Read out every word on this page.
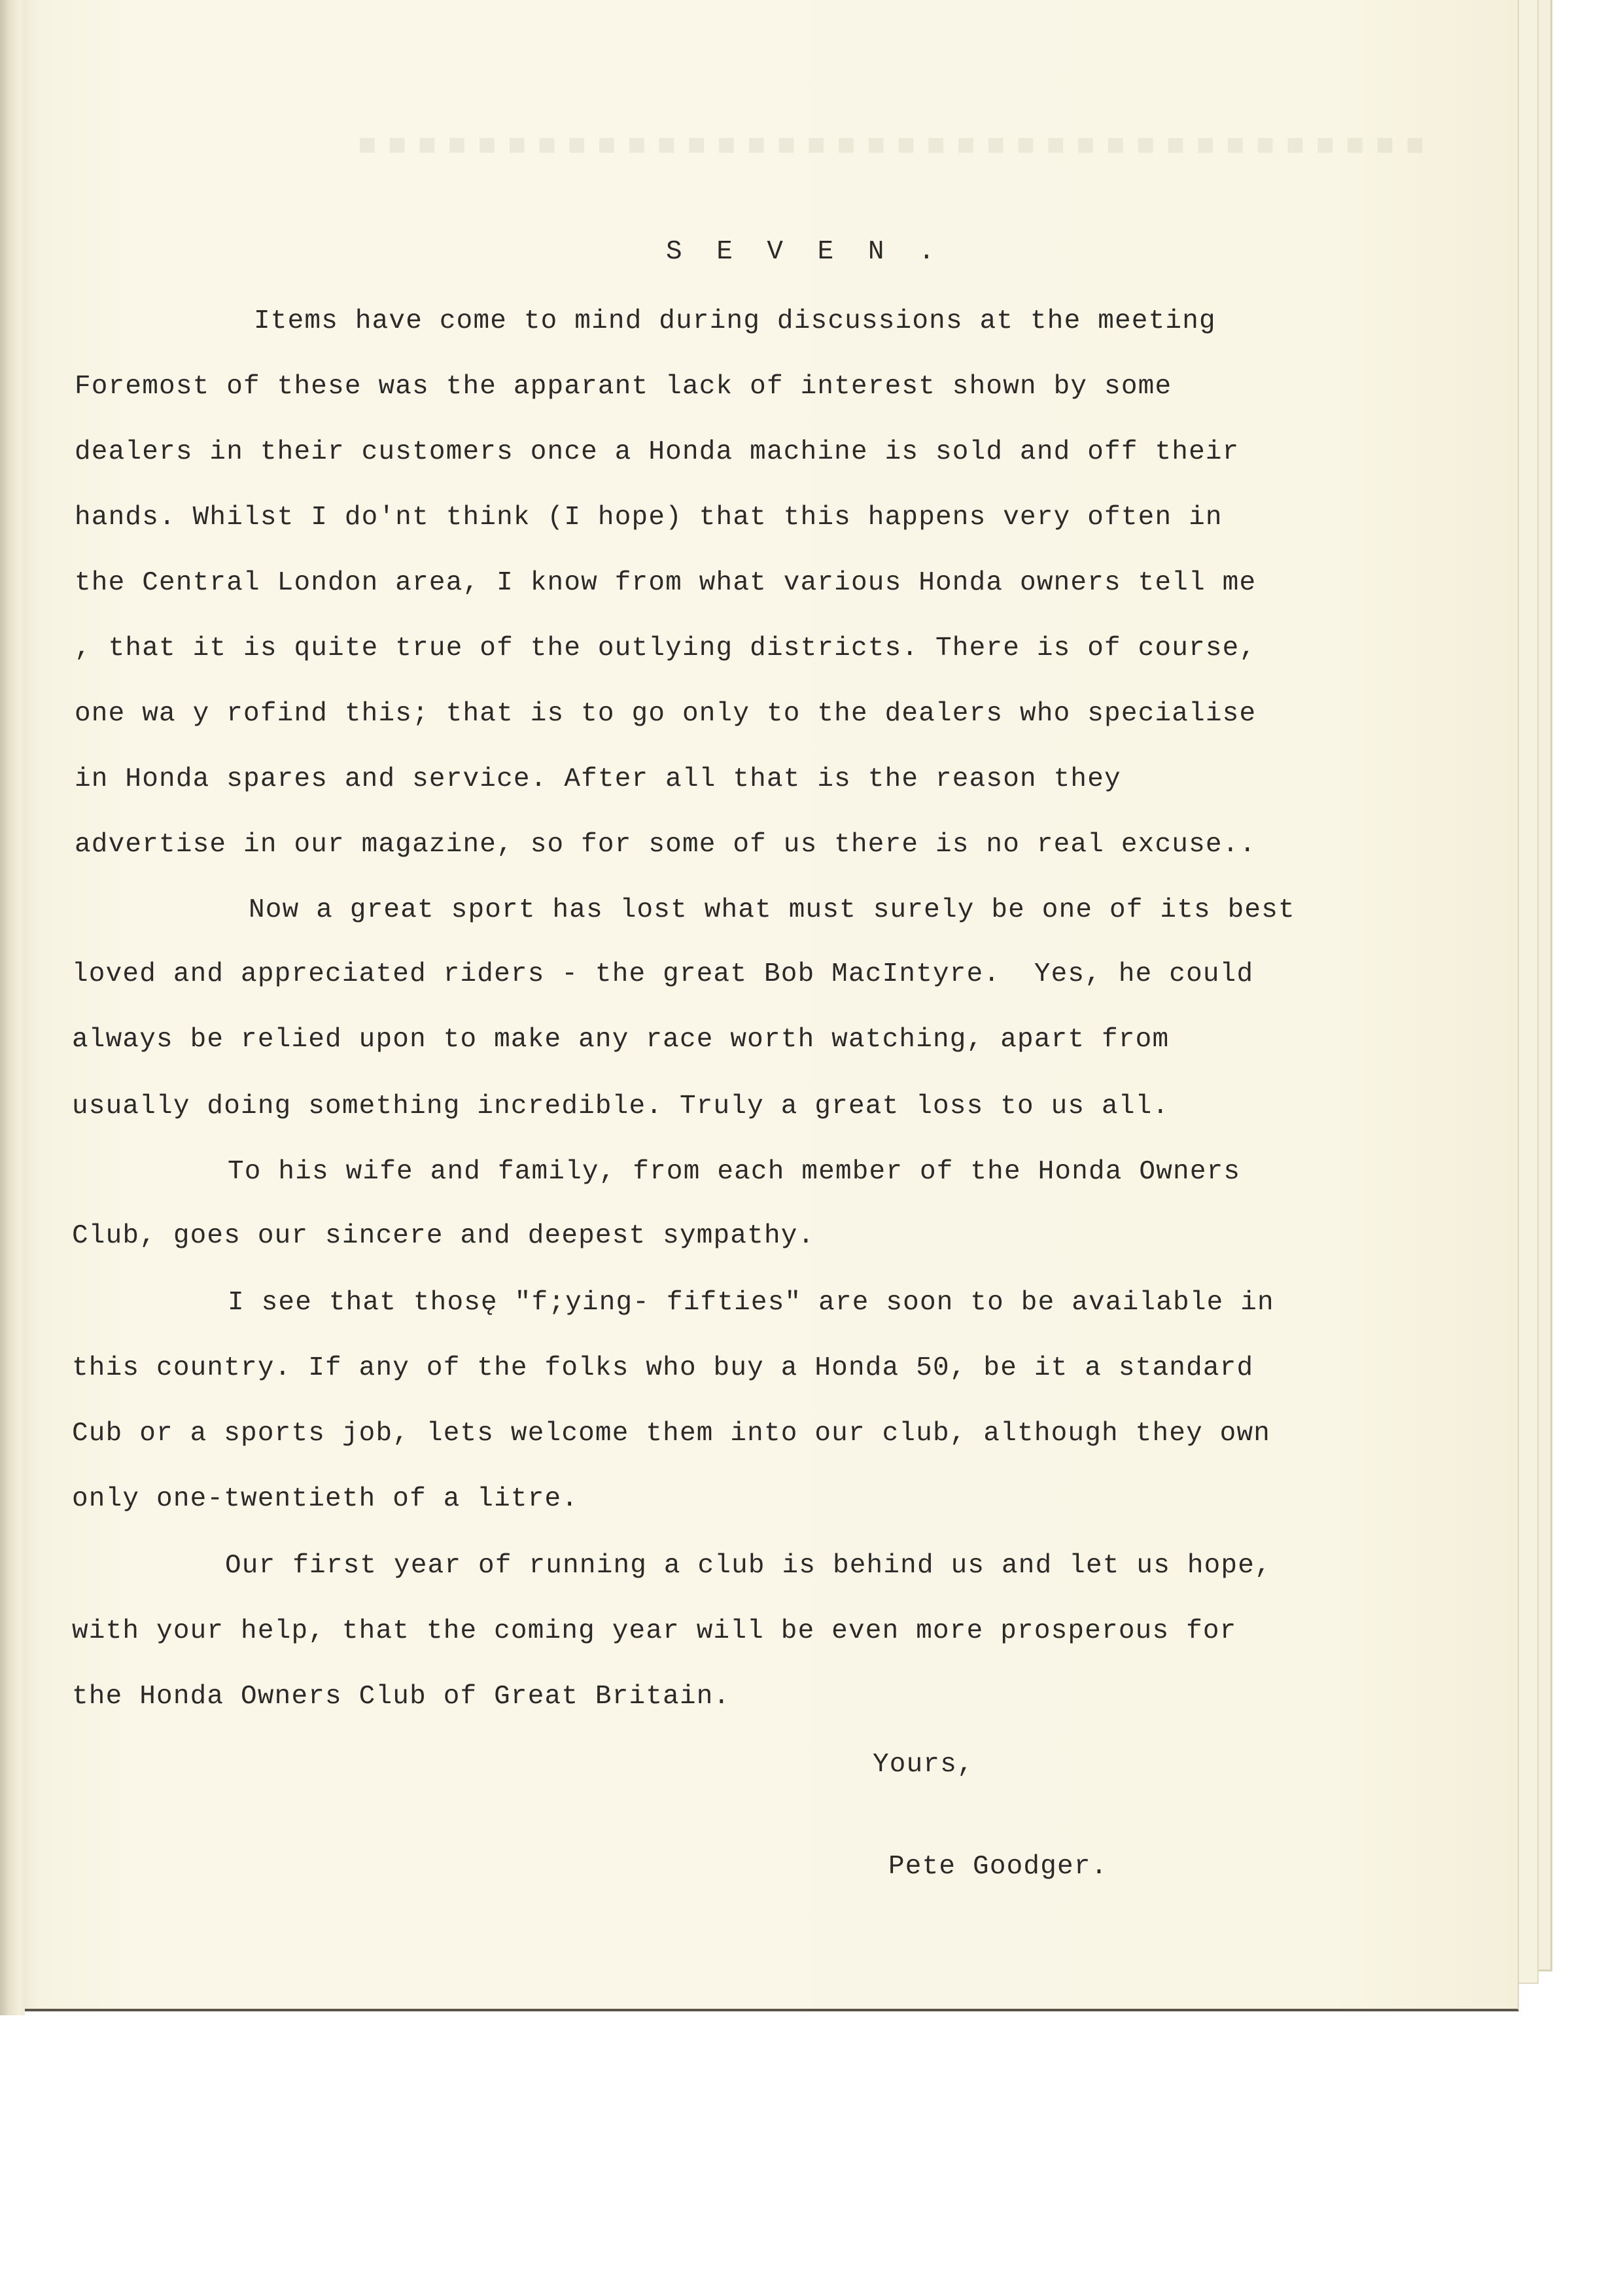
■ ■ ■ ■ ■ ■ ■ ■ ■ ■ ■ ■ ■ ■ ■ ■ ■ ■ ■ ■ ■ ■ ■ ■ ■ ■ ■ ■ ■ ■ ■ ■ ■ ■ ■ ■
S E V E N .
Items have come to mind during discussions at the meeting
Foremost of these was the apparant lack of interest shown by some
dealers in their customers once a Honda machine is sold and off their
hands. Whilst I do'nt think (I hope) that this happens very often in
the Central London area, I know from what various Honda owners tell me
, that it is quite true of the outlying districts. There is of course,
one wa y rofind this; that is to go only to the dealers who specialise
in Honda spares and service. After all that is the reason they
advertise in our magazine, so for some of us there is no real excuse..
Now a great sport has lost what must surely be one of its best
loved and appreciated riders - the great Bob MacIntyre.  Yes, he could
always be relied upon to make any race worth watching, apart from
usually doing something incredible. Truly a great loss to us all.
To his wife and family, from each member of the Honda Owners
Club, goes our sincere and deepest sympathy.
I see that thosę "f;ying- fifties" are soon to be available in
this country. If any of the folks who buy a Honda 50, be it a standard
Cub or a sports job, lets welcome them into our club, although they own
only one-twentieth of a litre.
Our first year of running a club is behind us and let us hope,
with your help, that the coming year will be even more prosperous for
the Honda Owners Club of Great Britain.
Yours,
Pete Goodger.
